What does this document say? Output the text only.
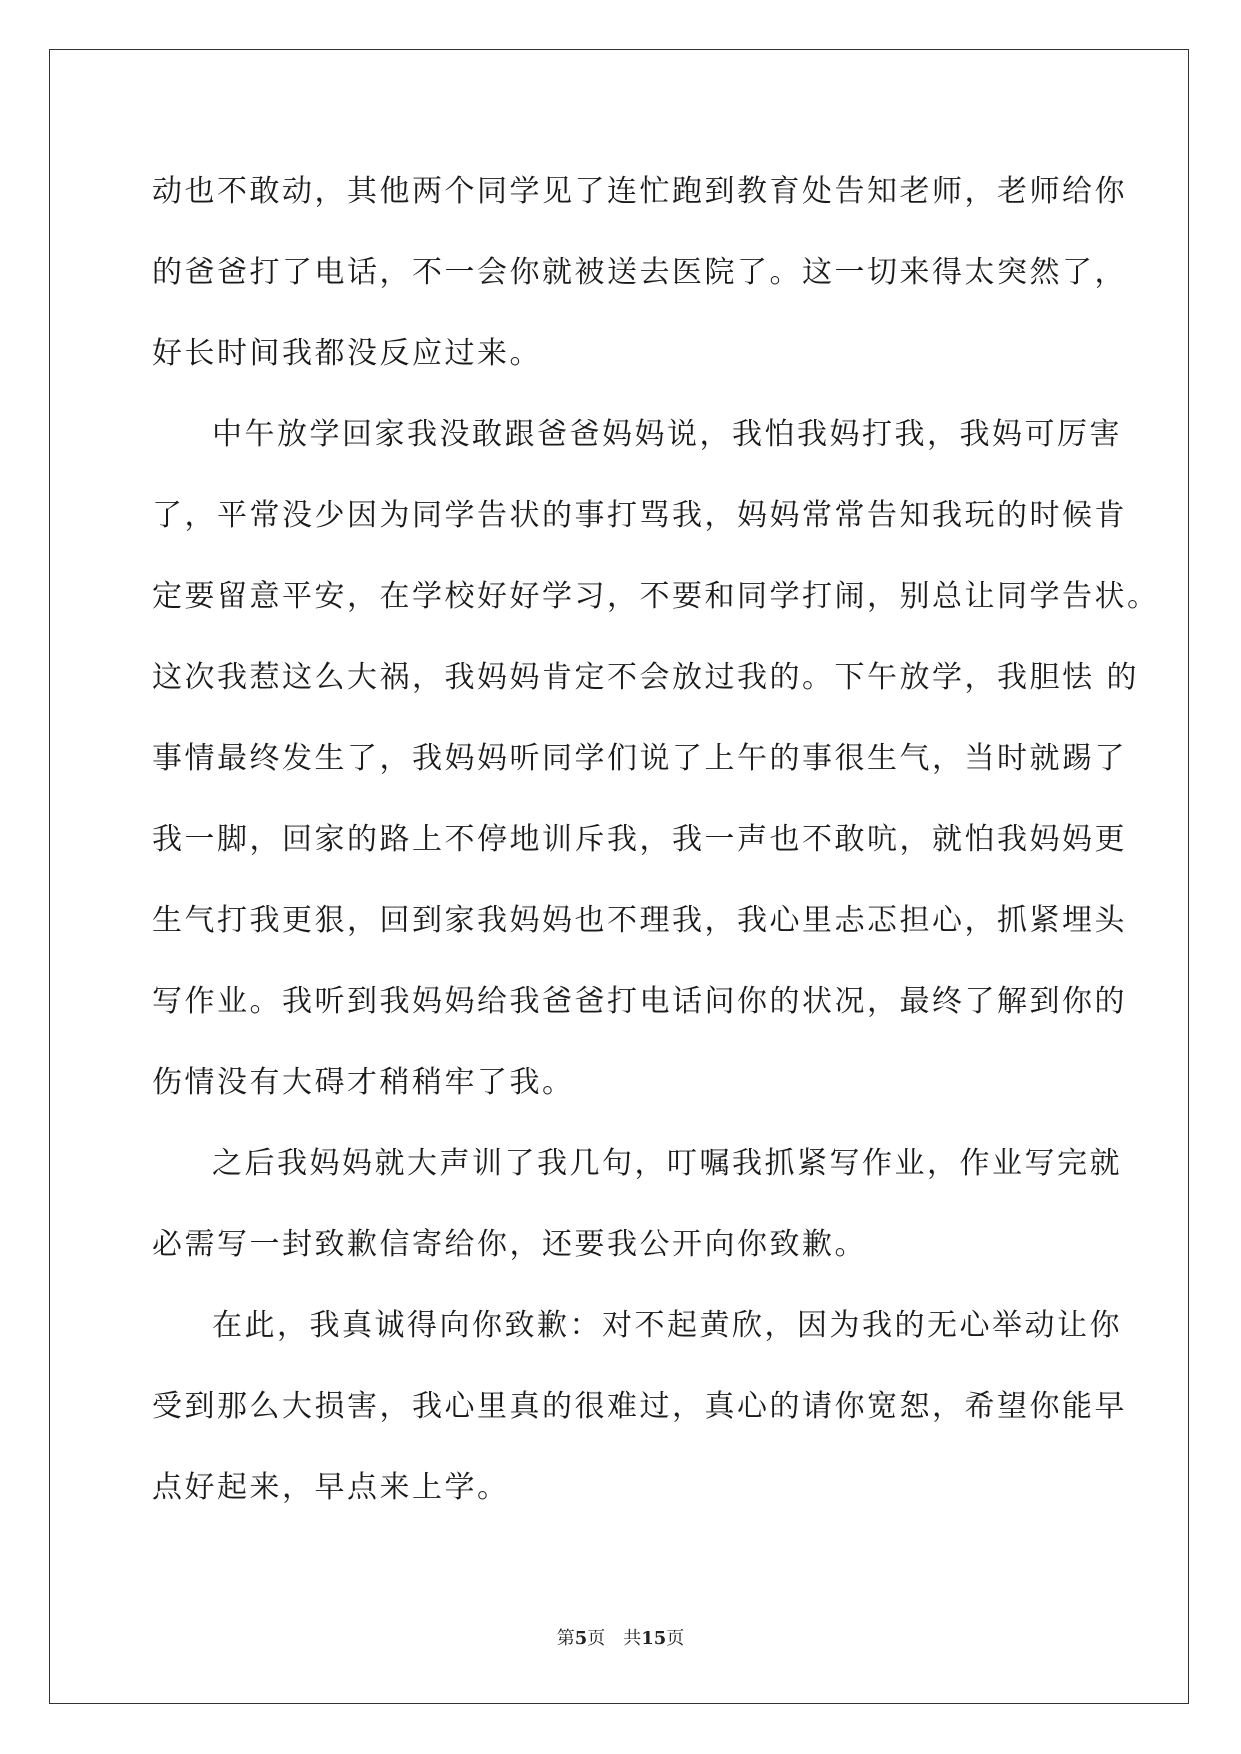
动也不敢动，其他两个同学见了连忙跑到教育处告知老师，老师给你
的爸爸打了电话，不一会你就被送去医院了。这一切来得太突然了，
好长时间我都没反应过来。
中午放学回家我没敢跟爸爸妈妈说，我怕我妈打我，我妈可厉害
了，平常没少因为同学告状的事打骂我，妈妈常常告知我玩的时候肯
定要留意平安，在学校好好学习，不要和同学打闹，别总让同学告状。
这次我惹这么大祸，我妈妈肯定不会放过我的。下午放学，我胆怯 的
事情最终发生了，我妈妈听同学们说了上午的事很生气，当时就踢了
我一脚，回家的路上不停地训斥我，我一声也不敢吭，就怕我妈妈更
生气打我更狠，回到家我妈妈也不理我，我心里忐忑担心，抓紧埋头
写作业。我听到我妈妈给我爸爸打电话问你的状况，最终了解到你的
伤情没有大碍才稍稍牢了我。
之后我妈妈就大声训了我几句，叮嘱我抓紧写作业，作业写完就
必需写一封致歉信寄给你，还要我公开向你致歉。
在此，我真诚得向你致歉：对不起黄欣，因为我的无心举动让你
受到那么大损害，我心里真的很难过，真心的请你宽恕，希望你能早
点好起来，早点来上学。
第5页 共15页
